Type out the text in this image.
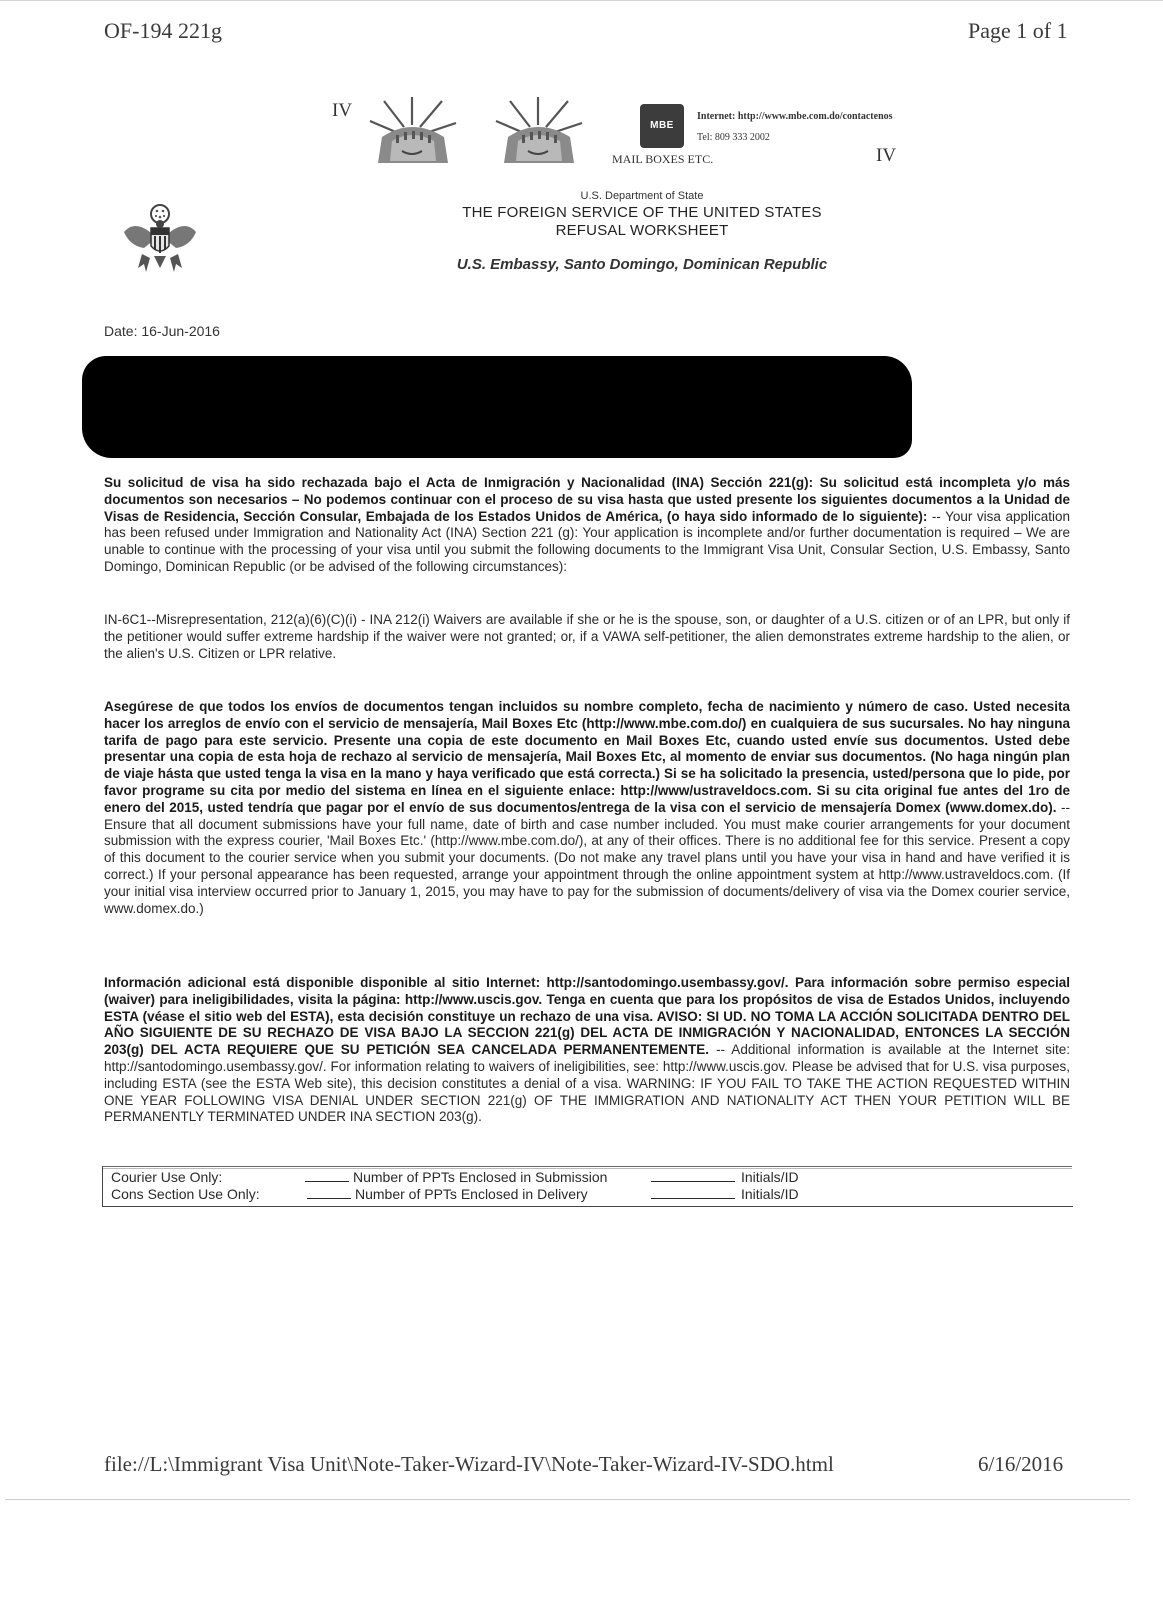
OF-194 221g	Page 1 of 1
IV
MBE
Internet: http://www.mbe.com.do/contactenos
Tel: 809 333 2002
MAIL BOXES ETC.	IV
U.S. Department of State
THE FOREIGN SERVICE OF THE UNITED STATES
REFUSAL WORKSHEET
U.S. Embassy, Santo Domingo, Dominican Republic
Date: 16-Jun-2016
Su solicitud de visa ha sido rechazada bajo el Acta de Inmigración y Nacionalidad (INA) Sección 221(g): Su solicitud está incompleta y/o más documentos son necesarios – No podemos continuar con el proceso de su visa hasta que usted presente los siguientes documentos a la Unidad de Visas de Residencia, Sección Consular, Embajada de los Estados Unidos de América, (o haya sido informado de lo siguiente): -- Your visa application has been refused under Immigration and Nationality Act (INA) Section 221 (g): Your application is incomplete and/or further documentation is required – We are unable to continue with the processing of your visa until you submit the following documents to the Immigrant Visa Unit, Consular Section, U.S. Embassy, Santo Domingo, Dominican Republic (or be advised of the following circumstances):
IN-6C1--Misrepresentation, 212(a)(6)(C)(i) - INA 212(i) Waivers are available if she or he is the spouse, son, or daughter of a U.S. citizen or of an LPR, but only if the petitioner would suffer extreme hardship if the waiver were not granted; or, if a VAWA self-petitioner, the alien demonstrates extreme hardship to the alien, or the alien's U.S. Citizen or LPR relative.
Asegúrese de que todos los envíos de documentos tengan incluidos su nombre completo, fecha de nacimiento y número de caso. Usted necesita hacer los arreglos de envío con el servicio de mensajería, Mail Boxes Etc (http://www.mbe.com.do/) en cualquiera de sus sucursales. No hay ninguna tarifa de pago para este servicio. Presente una copia de este documento en Mail Boxes Etc, cuando usted envíe sus documentos. Usted debe presentar una copia de esta hoja de rechazo al servicio de mensajería, Mail Boxes Etc, al momento de enviar sus documentos. (No haga ningún plan de viaje hásta que usted tenga la visa en la mano y haya verificado que está correcta.) Si se ha solicitado la presencia, usted/persona que lo pide, por favor programe su cita por medio del sistema en línea en el siguiente enlace: http://www/ustraveldocs.com. Si su cita original fue antes del 1ro de enero del 2015, usted tendría que pagar por el envío de sus documentos/entrega de la visa con el servicio de mensajería Domex (www.domex.do). -- Ensure that all document submissions have your full name, date of birth and case number included. You must make courier arrangements for your document submission with the express courier, 'Mail Boxes Etc.' (http://www.mbe.com.do/), at any of their offices. There is no additional fee for this service. Present a copy of this document to the courier service when you submit your documents. (Do not make any travel plans until you have your visa in hand and have verified it is correct.) If your personal appearance has been requested, arrange your appointment through the online appointment system at http://www.ustraveldocs.com. (If your initial visa interview occurred prior to January 1, 2015, you may have to pay for the submission of documents/delivery of visa via the Domex courier service, www.domex.do.)
Información adicional está disponible disponible al sitio Internet: http://santodomingo.usembassy.gov/. Para información sobre permiso especial (waiver) para ineligibilidades, visita la página: http://www.uscis.gov. Tenga en cuenta que para los propósitos de visa de Estados Unidos, incluyendo ESTA (véase el sitio web del ESTA), esta decisión constituye un rechazo de una visa. AVISO: SI UD. NO TOMA LA ACCIÓN SOLICITADA DENTRO DEL AÑO SIGUIENTE DE SU RECHAZO DE VISA BAJO LA SECCION 221(g) DEL ACTA DE INMIGRACIÓN Y NACIONALIDAD, ENTONCES LA SECCIÓN 203(g) DEL ACTA REQUIERE QUE SU PETICIÓN SEA CANCELADA PERMANENTEMENTE. -- Additional information is available at the Internet site: http://santodomingo.usembassy.gov/. For information relating to waivers of ineligibilities, see: http://www.uscis.gov. Please be advised that for U.S. visa purposes, including ESTA (see the ESTA Web site), this decision constitutes a denial of a visa. WARNING: IF YOU FAIL TO TAKE THE ACTION REQUESTED WITHIN ONE YEAR FOLLOWING VISA DENIAL UNDER SECTION 221(g) OF THE IMMIGRATION AND NATIONALITY ACT THEN YOUR PETITION WILL BE PERMANENTLY TERMINATED UNDER INA SECTION 203(g).
Courier Use Only:	Number of PPTs Enclosed in Submission	Initials/ID
Cons Section Use Only:	Number of PPTs Enclosed in Delivery	Initials/ID
file://L:\Immigrant Visa Unit\Note-Taker-Wizard-IV\Note-Taker-Wizard-IV-SDO.html	6/16/2016
